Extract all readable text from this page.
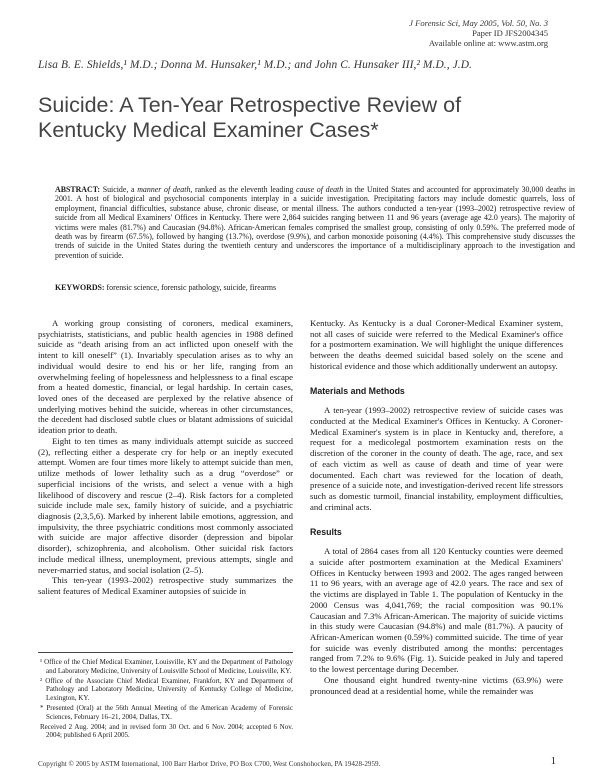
J Forensic Sci, May 2005, Vol. 50, No. 3
Paper ID JFS2004345
Available online at: www.astm.org
Lisa B. E. Shields,¹ M.D.; Donna M. Hunsaker,¹ M.D.; and John C. Hunsaker III,² M.D., J.D.
Suicide: A Ten-Year Retrospective Review of
Kentucky Medical Examiner Cases*
ABSTRACT: Suicide, a manner of death, ranked as the eleventh leading cause of death in the United States and accounted for approximately 30,000 deaths in 2001. A host of biological and psychosocial components interplay in a suicide investigation. Precipitating factors may include domestic quarrels, loss of employment, financial difficulties, substance abuse, chronic disease, or mental illness. The authors conducted a ten-year (1993–2002) retrospective review of suicide from all Medical Examiners' Offices in Kentucky. There were 2,864 suicides ranging between 11 and 96 years (average age 42.0 years). The majority of victims were males (81.7%) and Caucasian (94.8%). African-American females comprised the smallest group, consisting of only 0.59%. The preferred mode of death was by firearm (67.5%), followed by hanging (13.7%), overdose (9.9%), and carbon monoxide poisoning (4.4%). This comprehensive study discusses the trends of suicide in the United States during the twentieth century and underscores the importance of a multidisciplinary approach to the investigation and prevention of suicide.
KEYWORDS: forensic science, forensic pathology, suicide, firearms

A working group consisting of coroners, medical examiners, psychiatrists, statisticians, and public health agencies in 1988 defined suicide as “death arising from an act inflicted upon oneself with the intent to kill oneself” (1). Invariably speculation arises as to why an individual would desire to end his or her life, ranging from an overwhelming feeling of hopelessness and helplessness to a final escape from a heated domestic, financial, or legal hardship. In certain cases, loved ones of the deceased are perplexed by the relative absence of underlying motives behind the suicide, whereas in other circumstances, the decedent had disclosed subtle clues or blatant admissions of suicidal ideation prior to death.

Eight to ten times as many individuals attempt suicide as succeed (2), reflecting either a desperate cry for help or an ineptly executed attempt. Women are four times more likely to attempt suicide than men, utilize methods of lower lethality such as a drug “overdose” or superficial incisions of the wrists, and select a venue with a high likelihood of discovery and rescue (2–4). Risk factors for a completed suicide include male sex, family history of suicide, and a psychiatric diagnosis (2,3,5,6). Marked by inherent labile emotions, aggression, and impulsivity, the three psychiatric conditions most commonly associated with suicide are major affective disorder (depression and bipolar disorder), schizophrenia, and alcoholism. Other suicidal risk factors include medical illness, unemployment, previous attempts, single and never-married status, and social isolation (2–5).

This ten-year (1993–2002) retrospective study summarizes the salient features of Medical Examiner autopsies of suicide in

Kentucky. As Kentucky is a dual Coroner-Medical Examiner system, not all cases of suicide were referred to the Medical Examiner's office for a postmortem examination. We will highlight the unique differences between the deaths deemed suicidal based solely on the scene and historical evidence and those which additionally underwent an autopsy.

Materials and Methods

A ten-year (1993–2002) retrospective review of suicide cases was conducted at the Medical Examiner's Offices in Kentucky. A Coroner-Medical Examiner's system is in place in Kentucky and, therefore, a request for a medicolegal postmortem examination rests on the discretion of the coroner in the county of death. The age, race, and sex of each victim as well as cause of death and time of year were documented. Each chart was reviewed for the location of death, presence of a suicide note, and investigation-derived recent life stressors such as domestic turmoil, financial instability, employment difficulties, and criminal acts.

Results

A total of 2864 cases from all 120 Kentucky counties were deemed a suicide after postmortem examination at the Medical Examiners' Offices in Kentucky between 1993 and 2002. The ages ranged between 11 to 96 years, with an average age of 42.0 years. The race and sex of the victims are displayed in Table 1. The population of Kentucky in the 2000 Census was 4,041,769; the racial composition was 90.1% Caucasian and 7.3% African-American. The majority of suicide victims in this study were Caucasian (94.8%) and male (81.7%). A paucity of African-American women (0.59%) committed suicide. The time of year for suicide was evenly distributed among the months: percentages ranged from 7.2% to 9.6% (Fig. 1). Suicide peaked in July and tapered to the lowest percentage during December.

One thousand eight hundred twenty-nine victims (63.9%) were pronounced dead at a residential home, while the remainder was

¹ Office of the Chief Medical Examiner, Louisville, KY and the Department of Pathology and Laboratory Medicine, University of Louisville School of Medicine, Louisville, KY.

² Office of the Associate Chief Medical Examiner, Frankfort, KY and Department of Pathology and Laboratory Medicine, University of Kentucky College of Medicine, Lexington, KY.

* Presented (Oral) at the 56th Annual Meeting of the American Academy of Forensic Sciences, February 16–21, 2004, Dallas, TX.

Received 2 Aug. 2004; and in revised form 30 Oct. and 6 Nov. 2004; accepted 6 Nov. 2004; published 6 April 2005.

Copyright © 2005 by ASTM International, 100 Barr Harbor Drive, PO Box C700, West Conshohocken, PA 19428-2959.	1
